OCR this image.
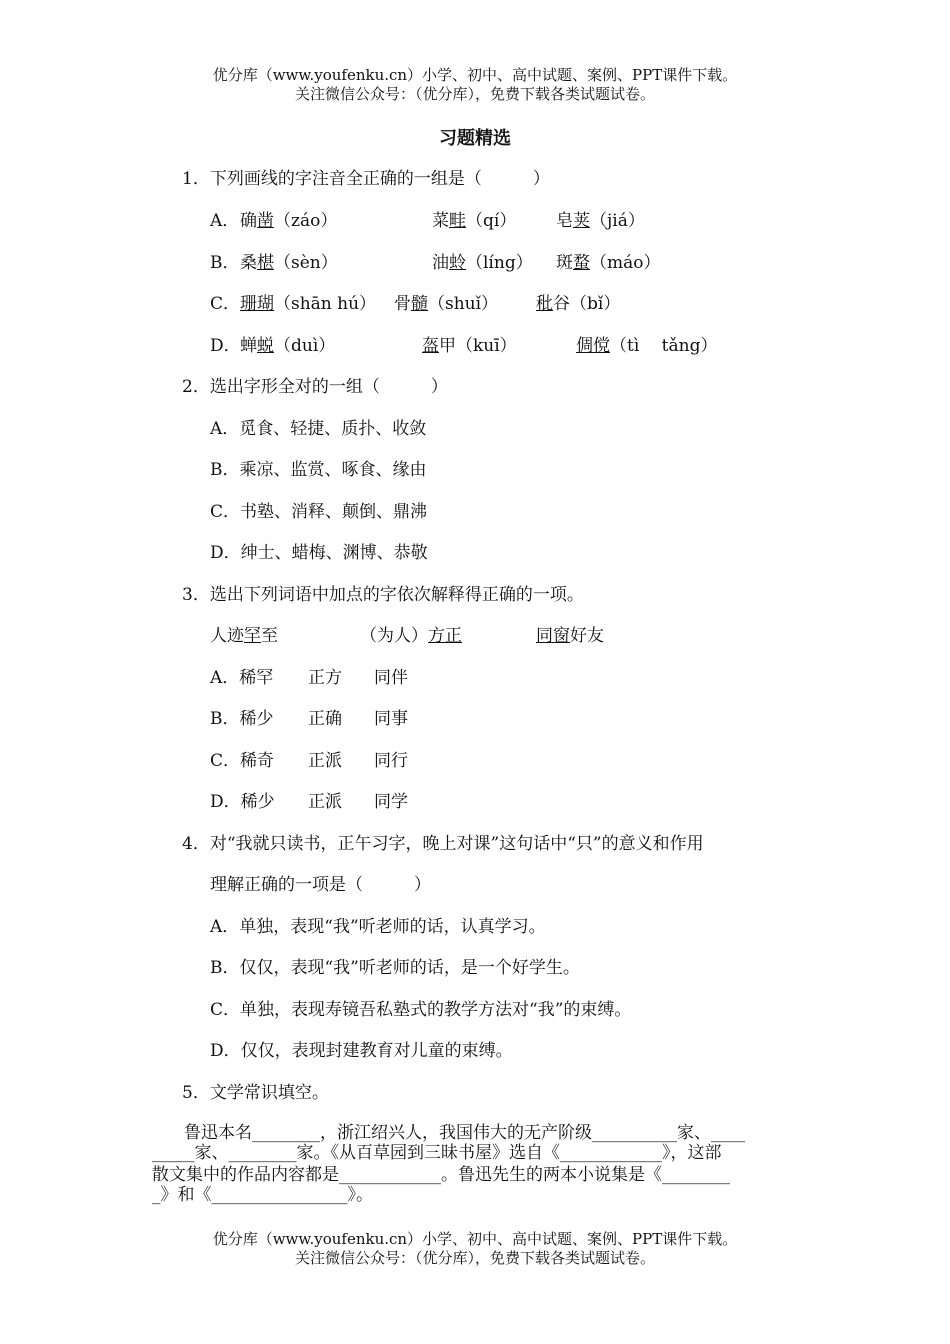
优分库（www.youfenku.cn）小学、初中、高中试题、案例、PPT课件下载。
关注微信公众号：（优分库），免费下载各类试题试卷。
习题精选
1．下列画线的字注音全正确的一组是（　　　）
A． 确凿（záo）	菜畦（qí） 皂荚（jiá）
B． 桑椹（sèn）	油蛉（líng） 斑蝥（máo）
C． 珊瑚（shān hú） 骨髓（shuǐ） 秕谷（bǐ）
D． 蝉蜕（duì）	盔甲（kuī）	倜傥（tì　 tǎng）
2．选出字形全对的一组（　　　）
A．觅食、轻捷、质扑、收敛
B．乘凉、监赏、啄食、缘由
C．书塾、消释、颠倒、鼎沸
D．绅士、蜡梅、渊博、恭敬
3．选出下列词语中加点的字依次解释得正确的一项。
人迹罕至	（为人）方正	同窗好友
A．稀罕 正方 同伴
B．稀少 正确 同事
C．稀奇 正派 同行
D．稀少 正派 同学
4．对“我就只读书，正午习字，晚上对课”这句话中“只”的意义和作用
理解正确的一项是（　　　）
A．单独，表现“我”听老师的话，认真学习。
B．仅仅，表现“我”听老师的话，是一个好学生。
C．单独，表现寿镜吾私塾式的教学方法对“我”的束缚。
D．仅仅，表现封建教育对儿童的束缚。
5．文学常识填空。
鲁迅本名________，浙江绍兴人，我国伟大的无产阶级__________家、____
_____家、________家。《从百草园到三昧书屋》选自《____________》，这部
散文集中的作品内容都是____________。鲁迅先生的两本小说集是《________
_》和《________________》。
优分库（www.youfenku.cn）小学、初中、高中试题、案例、PPT课件下载。
关注微信公众号：（优分库），免费下载各类试题试卷。
